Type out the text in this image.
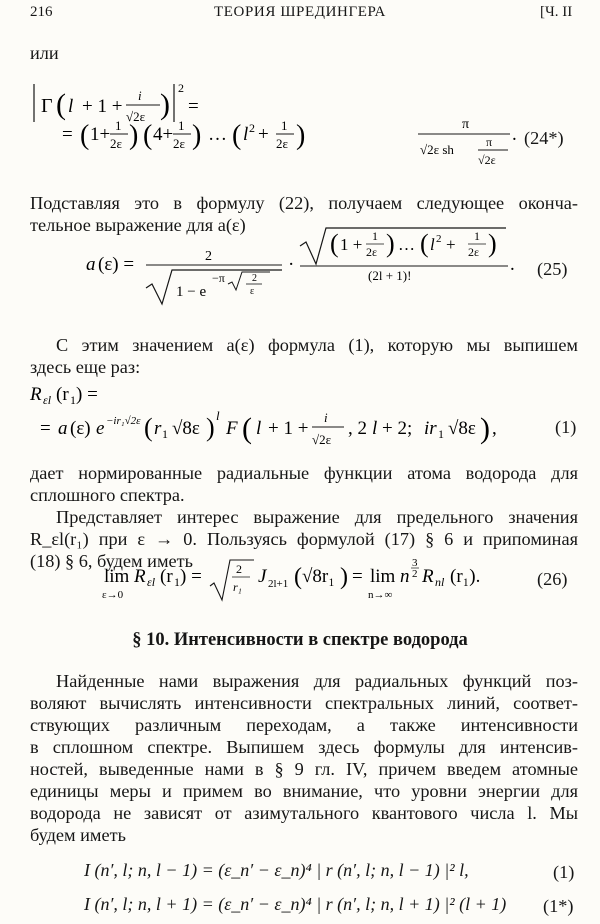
216	ТЕОРИЯ ШРЕДИНГЕРА	[Ч. II
или
Γ ( l + 1 +
i
√2ε ) 2
=
= ( 1+ 1
2ε ) ( 4+ 1
2ε ) … ( l 2 + 1
2ε )	π
√2ε sh	π
√2ε
. (24*)
Подставляя это в формулу (22), получаем следующее оконча-
тельное выражение для a(ε)
a (ε) =	2
1 − e
−π	2
ε
·
( 1 + 1
2ε ) … ( l 2 + 1
2ε )
(2l + 1)!
. (25)
С этим значением a(ε) формула (1), которую мы выпишем
здесь еще раз:
R εl (r 1 ) =
= a (ε) e −ir₁√2ε ( r 1 √8ε ) l
F ( l + 1 +
i
√2ε
, 2 l + 2; ir 1 √8ε ) ,	(1)
дает нормированные радиальные функции атома водорода для
сплошного спектра.
Представляет интерес выражение для предельного значения
R_εl(r₁) при ε → 0. Пользуясь формулой (17) § 6 и припоминая
(18) § 6, будем иметь
lim
ε→0
R εl (r 1 ) =	2
r₁ J 2l+1 ( √8r₁ ) = lim
n→∞
n
3
2 R nl (r₁).	(26)
§ 10. Интенсивности в спектре водорода
Найденные нами выражения для радиальных функций поз-
воляют вычислять интенсивности спектральных линий, соответ-
ствующих различным переходам, а также интенсивности
в сплошном спектре. Выпишем здесь формулы для интенсив-
ностей, выведенные нами в § 9 гл. IV, причем введем атомные
единицы меры и примем во внимание, что уровни энергии для
водорода не зависят от азимутального квантового числа l. Мы
будем иметь
I (n′, l; n, l − 1) = (ε_n′ − ε_n)⁴ | r (n′, l; n, l − 1) |² l,	(1)
I (n′, l; n, l + 1) = (ε_n′ − ε_n)⁴ | r (n′, l; n, l + 1) |² (l + 1) (1*)
